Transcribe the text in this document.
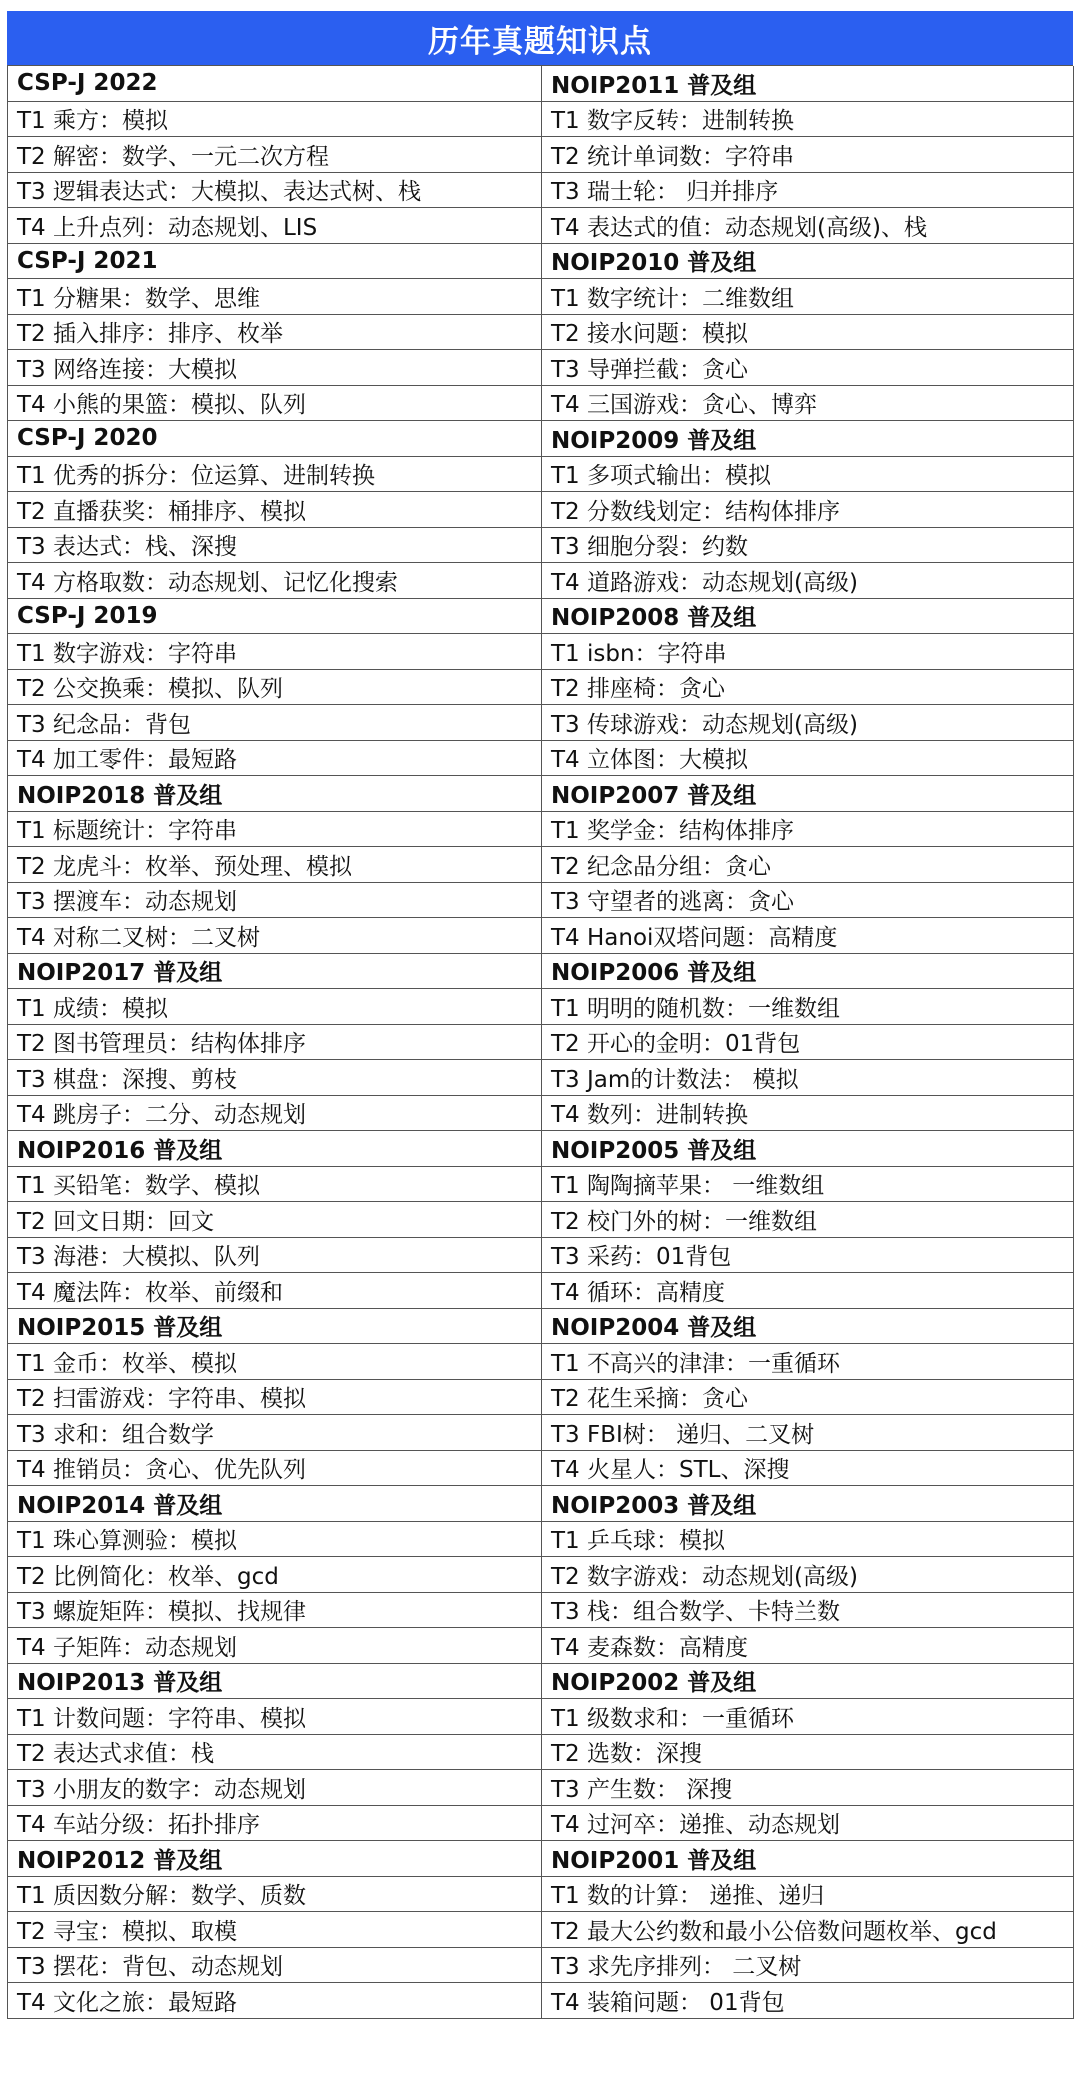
历年真题知识点
CSP-J 2022
T1 乘方：模拟
T2 解密：数学、一元二次方程
T3 逻辑表达式：大模拟、表达式树、栈
T4 上升点列：动态规划、LIS
CSP-J 2021
T1 分糖果：数学、思维
T2 插入排序：排序、枚举
T3 网络连接：大模拟
T4 小熊的果篮：模拟、队列
CSP-J 2020
T1 优秀的拆分：位运算、进制转换
T2 直播获奖：桶排序、模拟
T3 表达式：栈、深搜
T4 方格取数：动态规划、记忆化搜索
CSP-J 2019
T1 数字游戏：字符串
T2 公交换乘：模拟、队列
T3 纪念品：背包
T4 加工零件：最短路
NOIP2018 普及组
T1 标题统计：字符串
T2 龙虎斗：枚举、预处理、模拟
T3 摆渡车：动态规划
T4 对称二叉树：二叉树
NOIP2017 普及组
T1 成绩：模拟
T2 图书管理员：结构体排序
T3 棋盘：深搜、剪枝
T4 跳房子：二分、动态规划
NOIP2016 普及组
T1 买铅笔：数学、模拟
T2 回文日期：回文
T3 海港：大模拟、队列
T4 魔法阵：枚举、前缀和
NOIP2015 普及组
T1 金币：枚举、模拟
T2 扫雷游戏：字符串、模拟
T3 求和：组合数学
T4 推销员：贪心、优先队列
NOIP2014 普及组
T1 珠心算测验：模拟
T2 比例简化：枚举、gcd
T3 螺旋矩阵：模拟、找规律
T4 子矩阵：动态规划
NOIP2013 普及组
T1 计数问题：字符串、模拟
T2 表达式求值：栈
T3 小朋友的数字：动态规划
T4 车站分级：拓扑排序
NOIP2012 普及组
T1 质因数分解：数学、质数
T2 寻宝：模拟、取模
T3 摆花：背包、动态规划
T4 文化之旅：最短路
NOIP2011 普及组
T1 数字反转：进制转换
T2 统计单词数：字符串
T3 瑞士轮： 归并排序
T4 表达式的值：动态规划(高级)、栈
NOIP2010 普及组
T1 数字统计：二维数组
T2 接水问题：模拟
T3 导弹拦截：贪心
T4 三国游戏：贪心、博弈
NOIP2009 普及组
T1 多项式输出：模拟
T2 分数线划定：结构体排序
T3 细胞分裂：约数
T4 道路游戏：动态规划(高级)
NOIP2008 普及组
T1 isbn：字符串
T2 排座椅：贪心
T3 传球游戏：动态规划(高级)
T4 立体图：大模拟
NOIP2007 普及组
T1 奖学金：结构体排序
T2 纪念品分组：贪心
T3 守望者的逃离：贪心
T4 Hanoi双塔问题：高精度
NOIP2006 普及组
T1 明明的随机数：一维数组
T2 开心的金明：01背包
T3 Jam的计数法： 模拟
T4 数列：进制转换
NOIP2005 普及组
T1 陶陶摘苹果： 一维数组
T2 校门外的树：一维数组
T3 采药：01背包
T4 循环：高精度
NOIP2004 普及组
T1 不高兴的津津：一重循环
T2 花生采摘：贪心
T3 FBI树： 递归、二叉树
T4 火星人：STL、深搜
NOIP2003 普及组
T1 乒乓球：模拟
T2 数字游戏：动态规划(高级)
T3 栈：组合数学、卡特兰数
T4 麦森数：高精度
NOIP2002 普及组
T1 级数求和：一重循环
T2 选数：深搜
T3 产生数： 深搜
T4 过河卒：递推、动态规划
NOIP2001 普及组
T1 数的计算： 递推、递归
T2 最大公约数和最小公倍数问题枚举、gcd
T3 求先序排列： 二叉树
T4 装箱问题： 01背包
